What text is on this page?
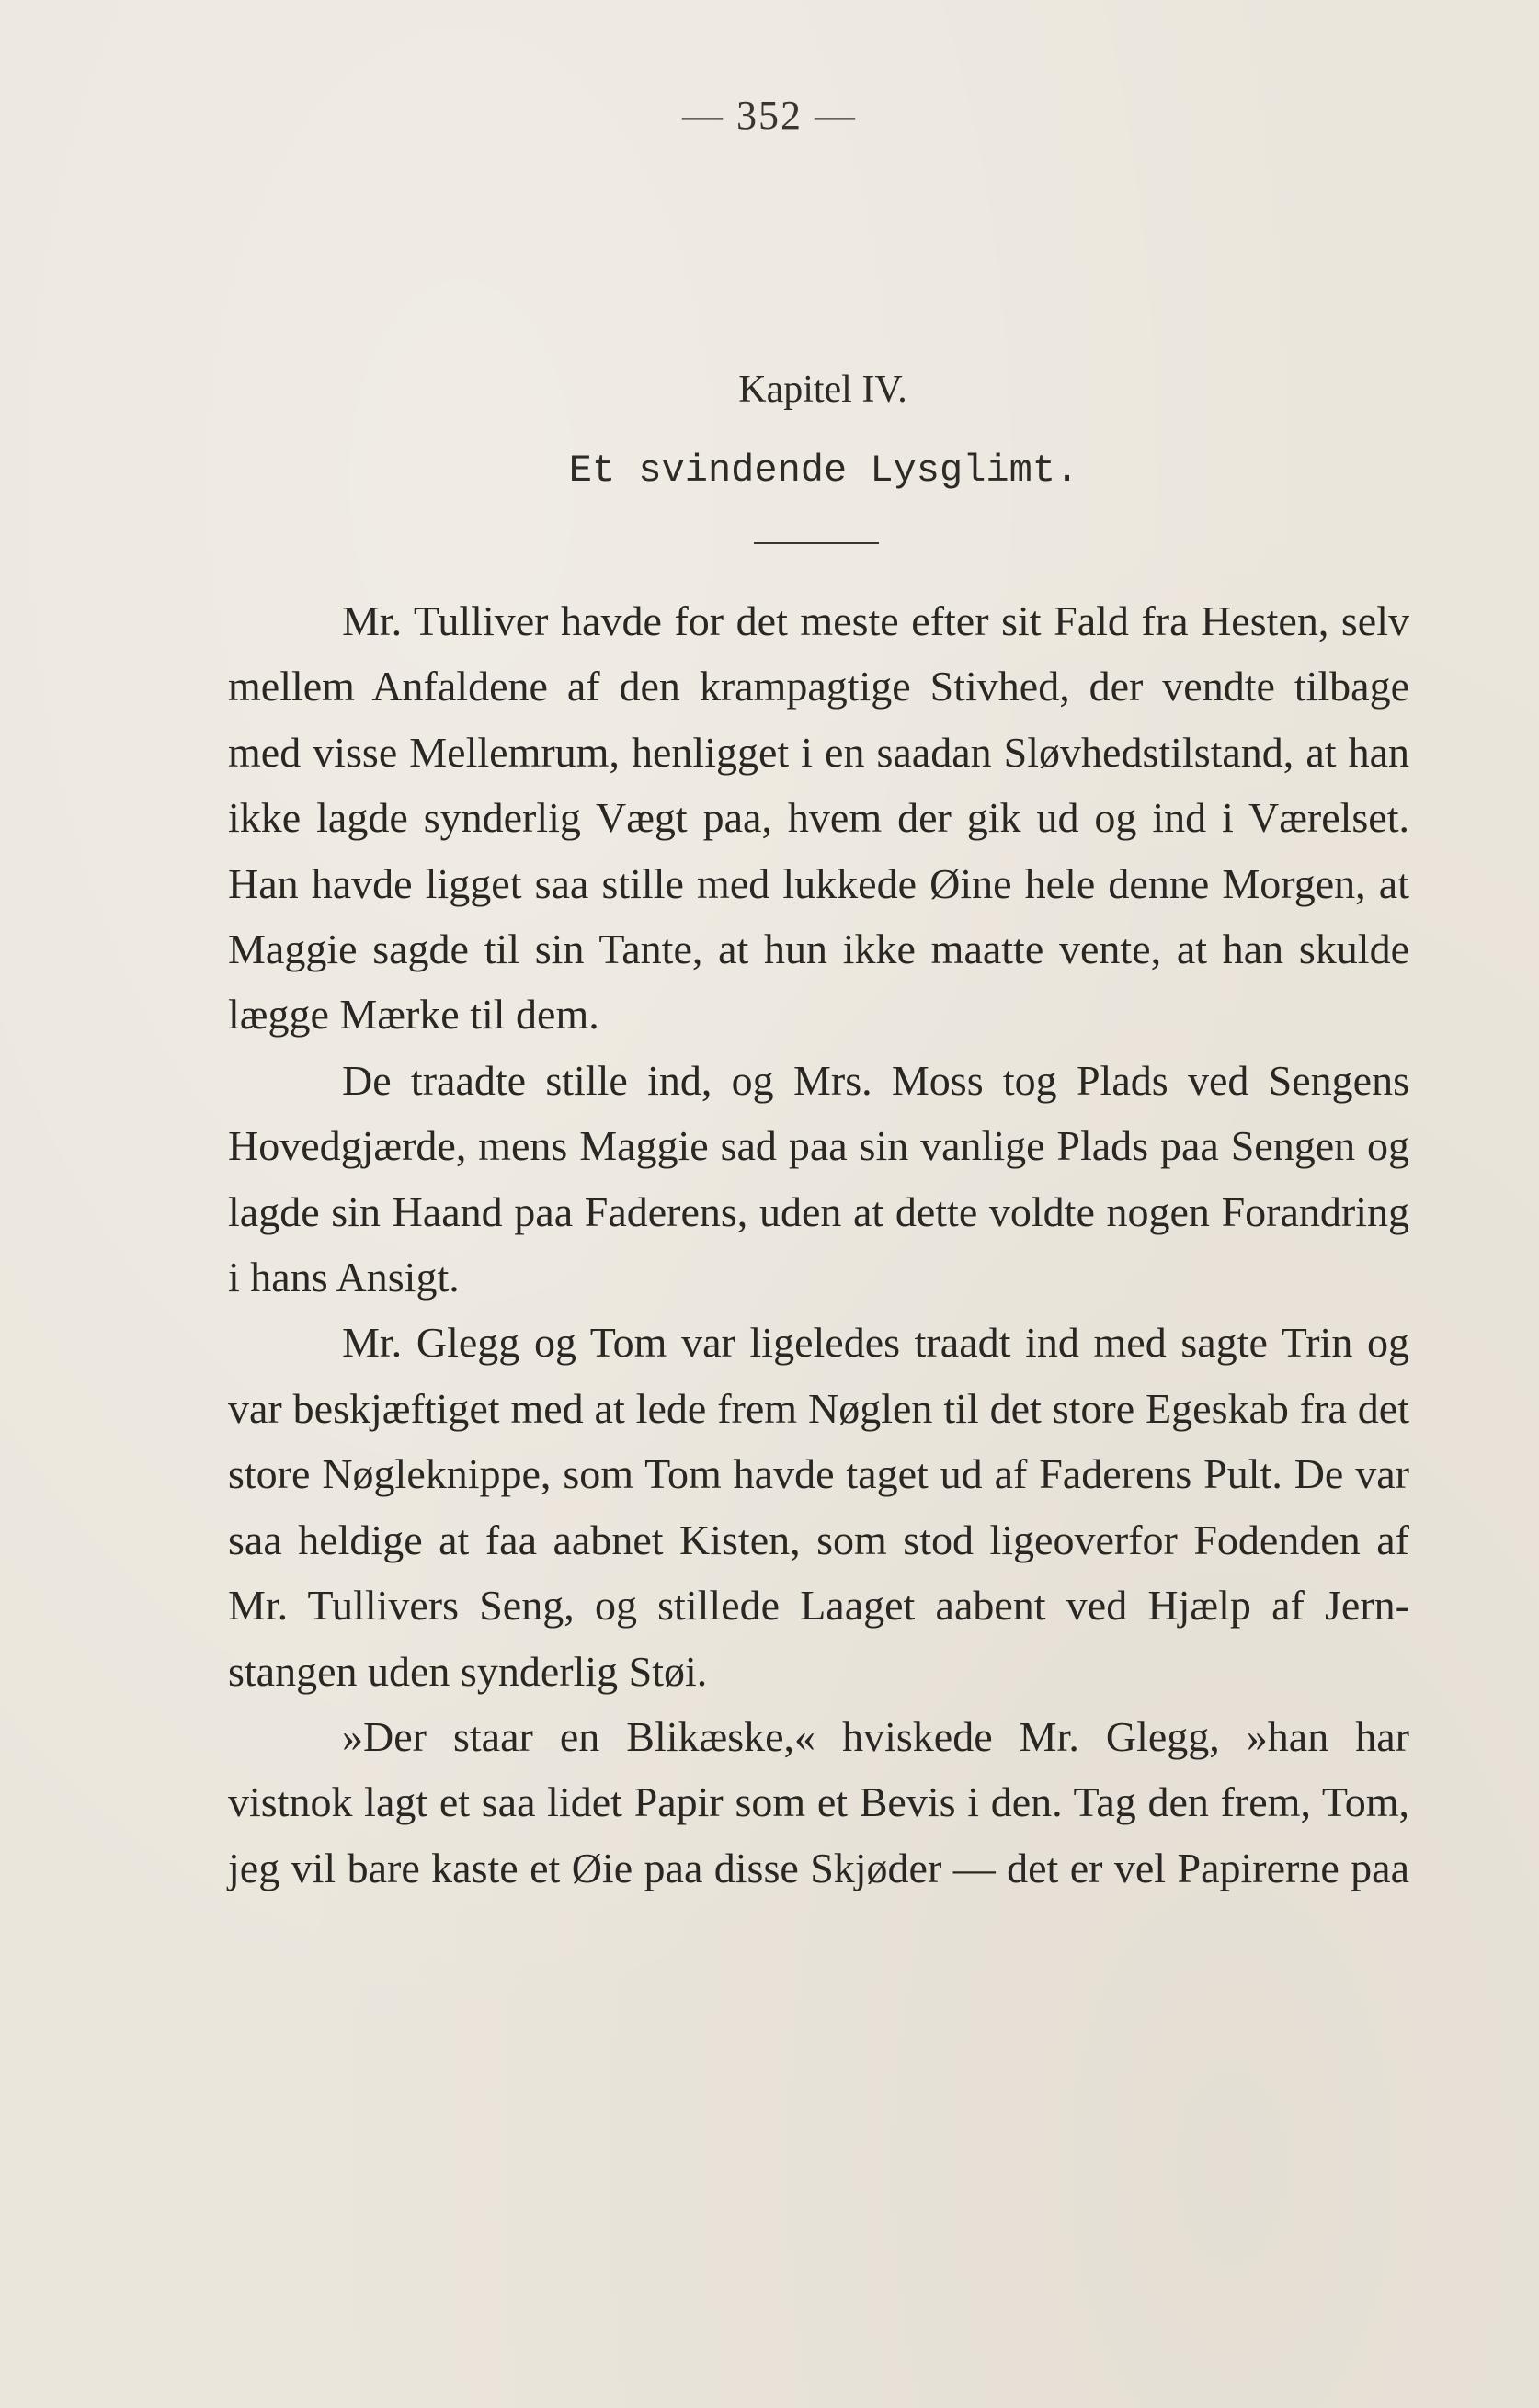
— 352 —
Kapitel IV.
Et svindende Lysglimt.

Mr. Tulliver havde for det meste efter sit Fald fra Hesten, selv mellem Anfaldene af den krampagtige Stivhed, der vendte tilbage med visse Mellemrum, henligget i en saadan Sløvhedstilstand, at han ikke lagde synderlig Vægt paa, hvem der gik ud og ind i Værelset. Han havde ligget saa stille med lukkede Øine hele denne Morgen, at Maggie sagde til sin Tante, at hun ikke maatte vente, at han skulde lægge Mærke til dem.

De traadte stille ind, og Mrs. Moss tog Plads ved Sengens Hovedgjærde, mens Maggie sad paa sin vanlige Plads paa Sengen og lagde sin Haand paa Faderens, uden at dette voldte nogen Forandring i hans Ansigt.

Mr. Glegg og Tom var ligeledes traadt ind med sagte Trin og var beskjæftiget med at lede frem Nøglen til det store Egeskab fra det store Nøgleknippe, som Tom havde taget ud af Faderens Pult. De var saa heldige at faa aabnet Kisten, som stod ligeoverfor Fodenden af Mr. Tullivers Seng, og stillede Laaget aabent ved Hjælp af Jernstangen uden synderlig Støi.

»Der staar en Blikæske,« hviskede Mr. Glegg, »han har vistnok lagt et saa lidet Papir som et Bevis i den. Tag den frem, Tom, jeg vil bare kaste et Øie paa disse Skjøder — det er vel Papirerne paa
